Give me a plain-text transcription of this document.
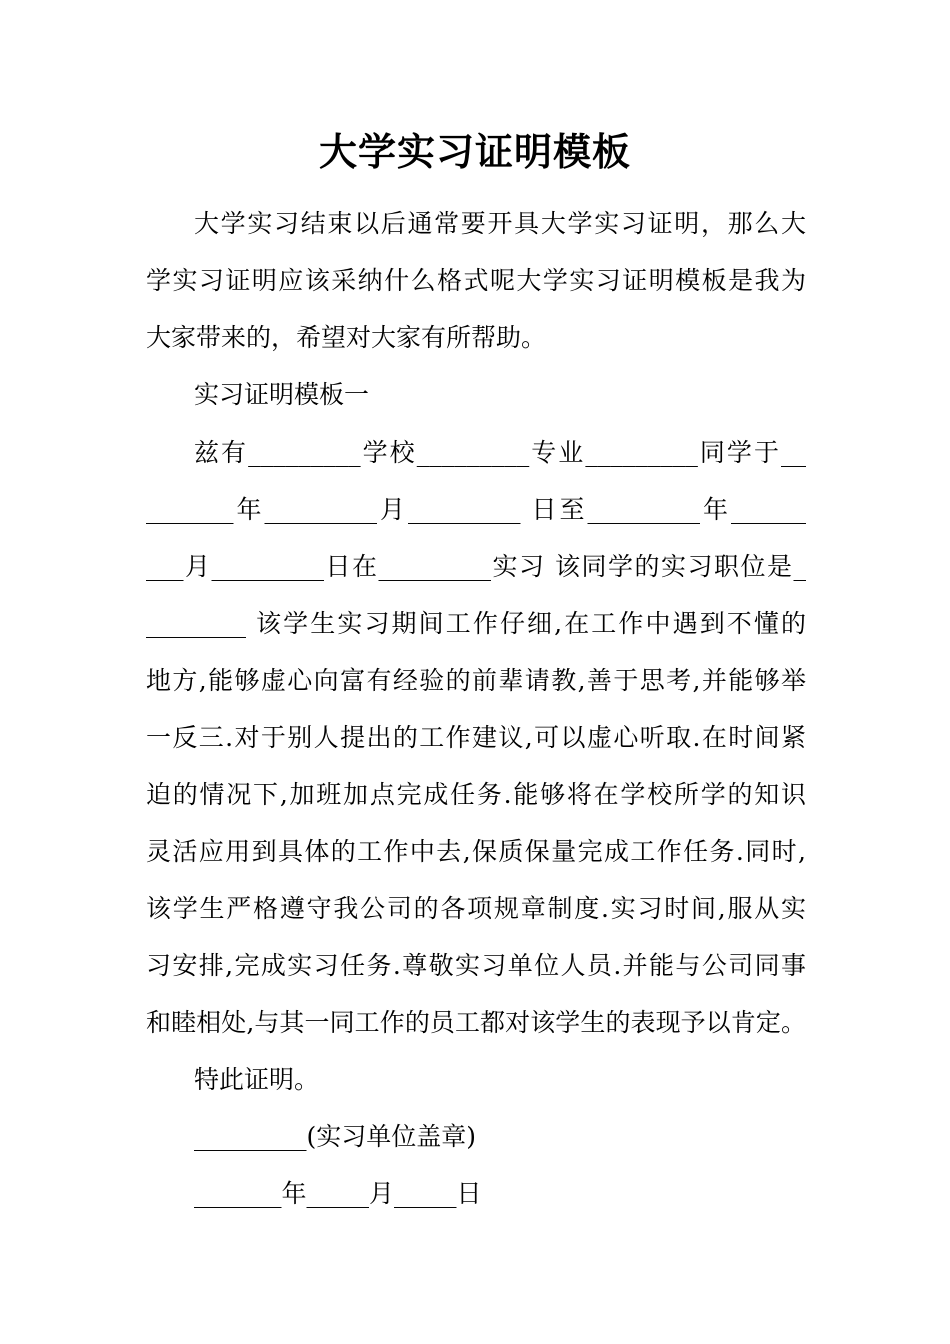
大学实习证明模板
大学实习结束以后通常要开具大学实习证明，那么大
学实习证明应该采纳什么格式呢大学实习证明模板是我为
大家带来的，希望对大家有所帮助。
实习证明模板一
兹有_________学校_________专业_________同学于__
_______年_________月_________ 日至_________年______
___月_________日在_________实习 该同学的实习职位是_
________ 该学生实习期间工作仔细,在工作中遇到不懂的
地方,能够虚心向富有经验的前辈请教,善于思考,并能够举
一反三.对于别人提出的工作建议,可以虚心听取.在时间紧
迫的情况下,加班加点完成任务.能够将在学校所学的知识
灵活应用到具体的工作中去,保质保量完成工作任务.同时,
该学生严格遵守我公司的各项规章制度.实习时间,服从实
习安排,完成实习任务.尊敬实习单位人员.并能与公司同事
和睦相处,与其一同工作的员工都对该学生的表现予以肯定。
特此证明。
_________(实习单位盖章)
_______年_____月_____日
